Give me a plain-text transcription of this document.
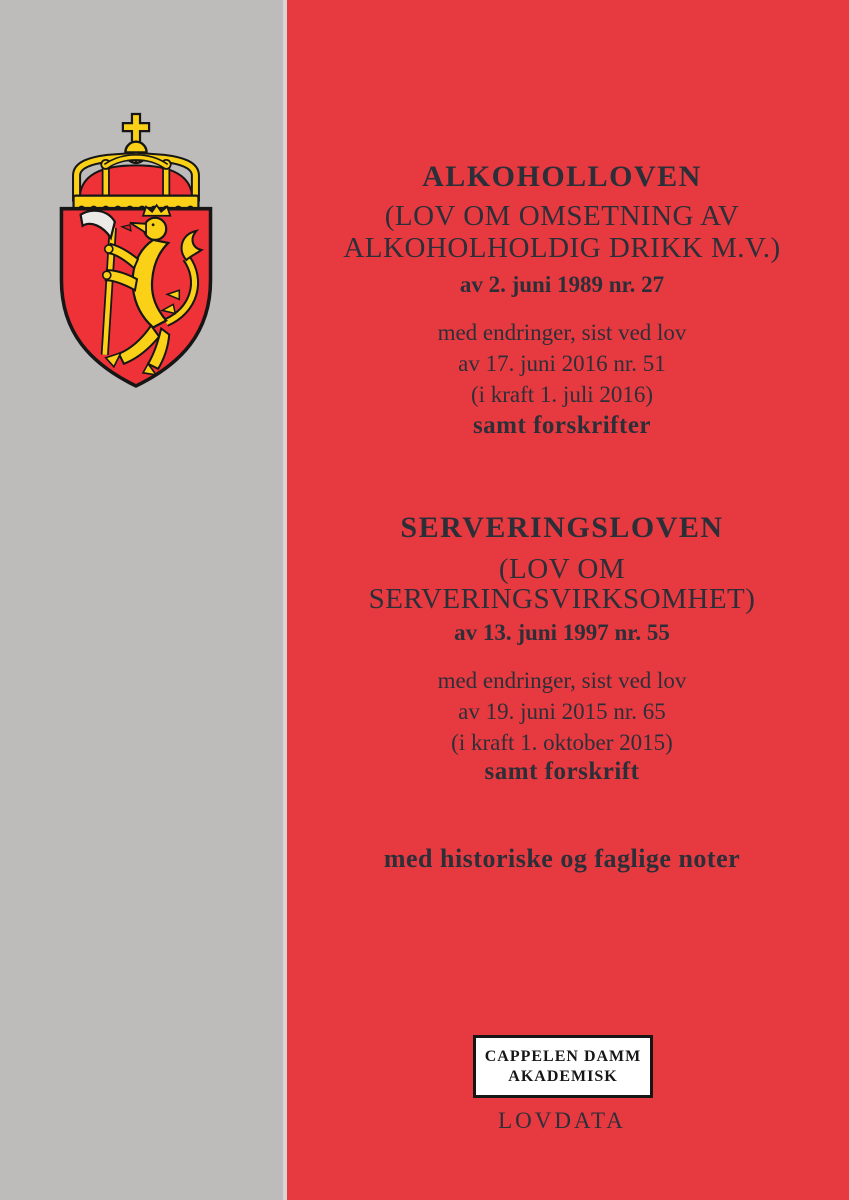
ALKOHOLLOVEN
(LOV OM OMSETNING AV
ALKOHOLHOLDIG DRIKK M.V.)
av 2. juni 1989 nr. 27
med endringer, sist ved lov
av 17. juni 2016 nr. 51
(i kraft 1. juli 2016)
samt forskrifter
SERVERINGSLOVEN
(LOV OM
SERVERINGSVIRKSOMHET)
av 13. juni 1997 nr. 55
med endringer, sist ved lov
av 19. juni 2015 nr. 65
(i kraft 1. oktober 2015)
samt forskrift
med historiske og faglige noter
CAPPELEN DAMM
AKADEMISK
LOVDATA
